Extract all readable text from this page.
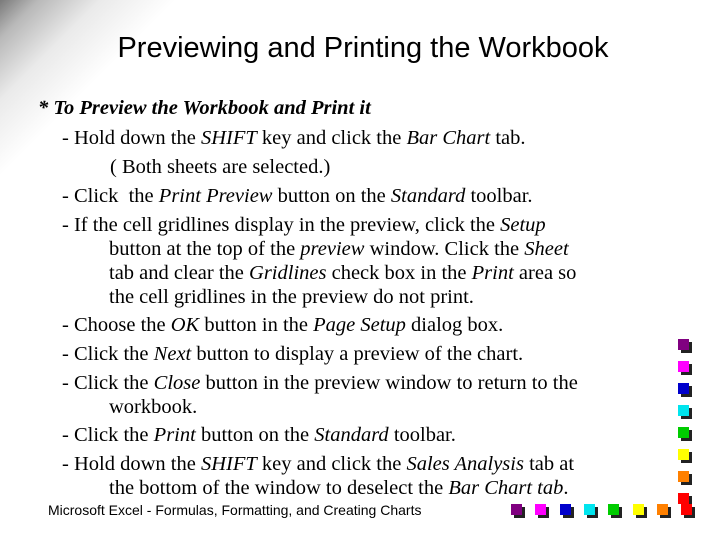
Previewing and Printing the Workbook
* To Preview the Workbook and Print it
- Hold down the SHIFT key and click the Bar Chart tab.
( Both sheets are selected.)
- Click  the Print Preview button on the Standard toolbar.
- If the cell gridlines display in the preview, click the Setup
button at the top of the preview window. Click the Sheet
tab and clear the Gridlines check box in the Print area so
the cell gridlines in the preview do not print.
- Choose the OK button in the Page Setup dialog box.
- Click the Next button to display a preview of the chart.
- Click the Close button in the preview window to return to the
workbook.
- Click the Print button on the Standard toolbar.
- Hold down the SHIFT key and click the Sales Analysis tab at
the bottom of the window to deselect the Bar Chart tab.
Microsoft Excel - Formulas, Formatting, and Creating Charts
